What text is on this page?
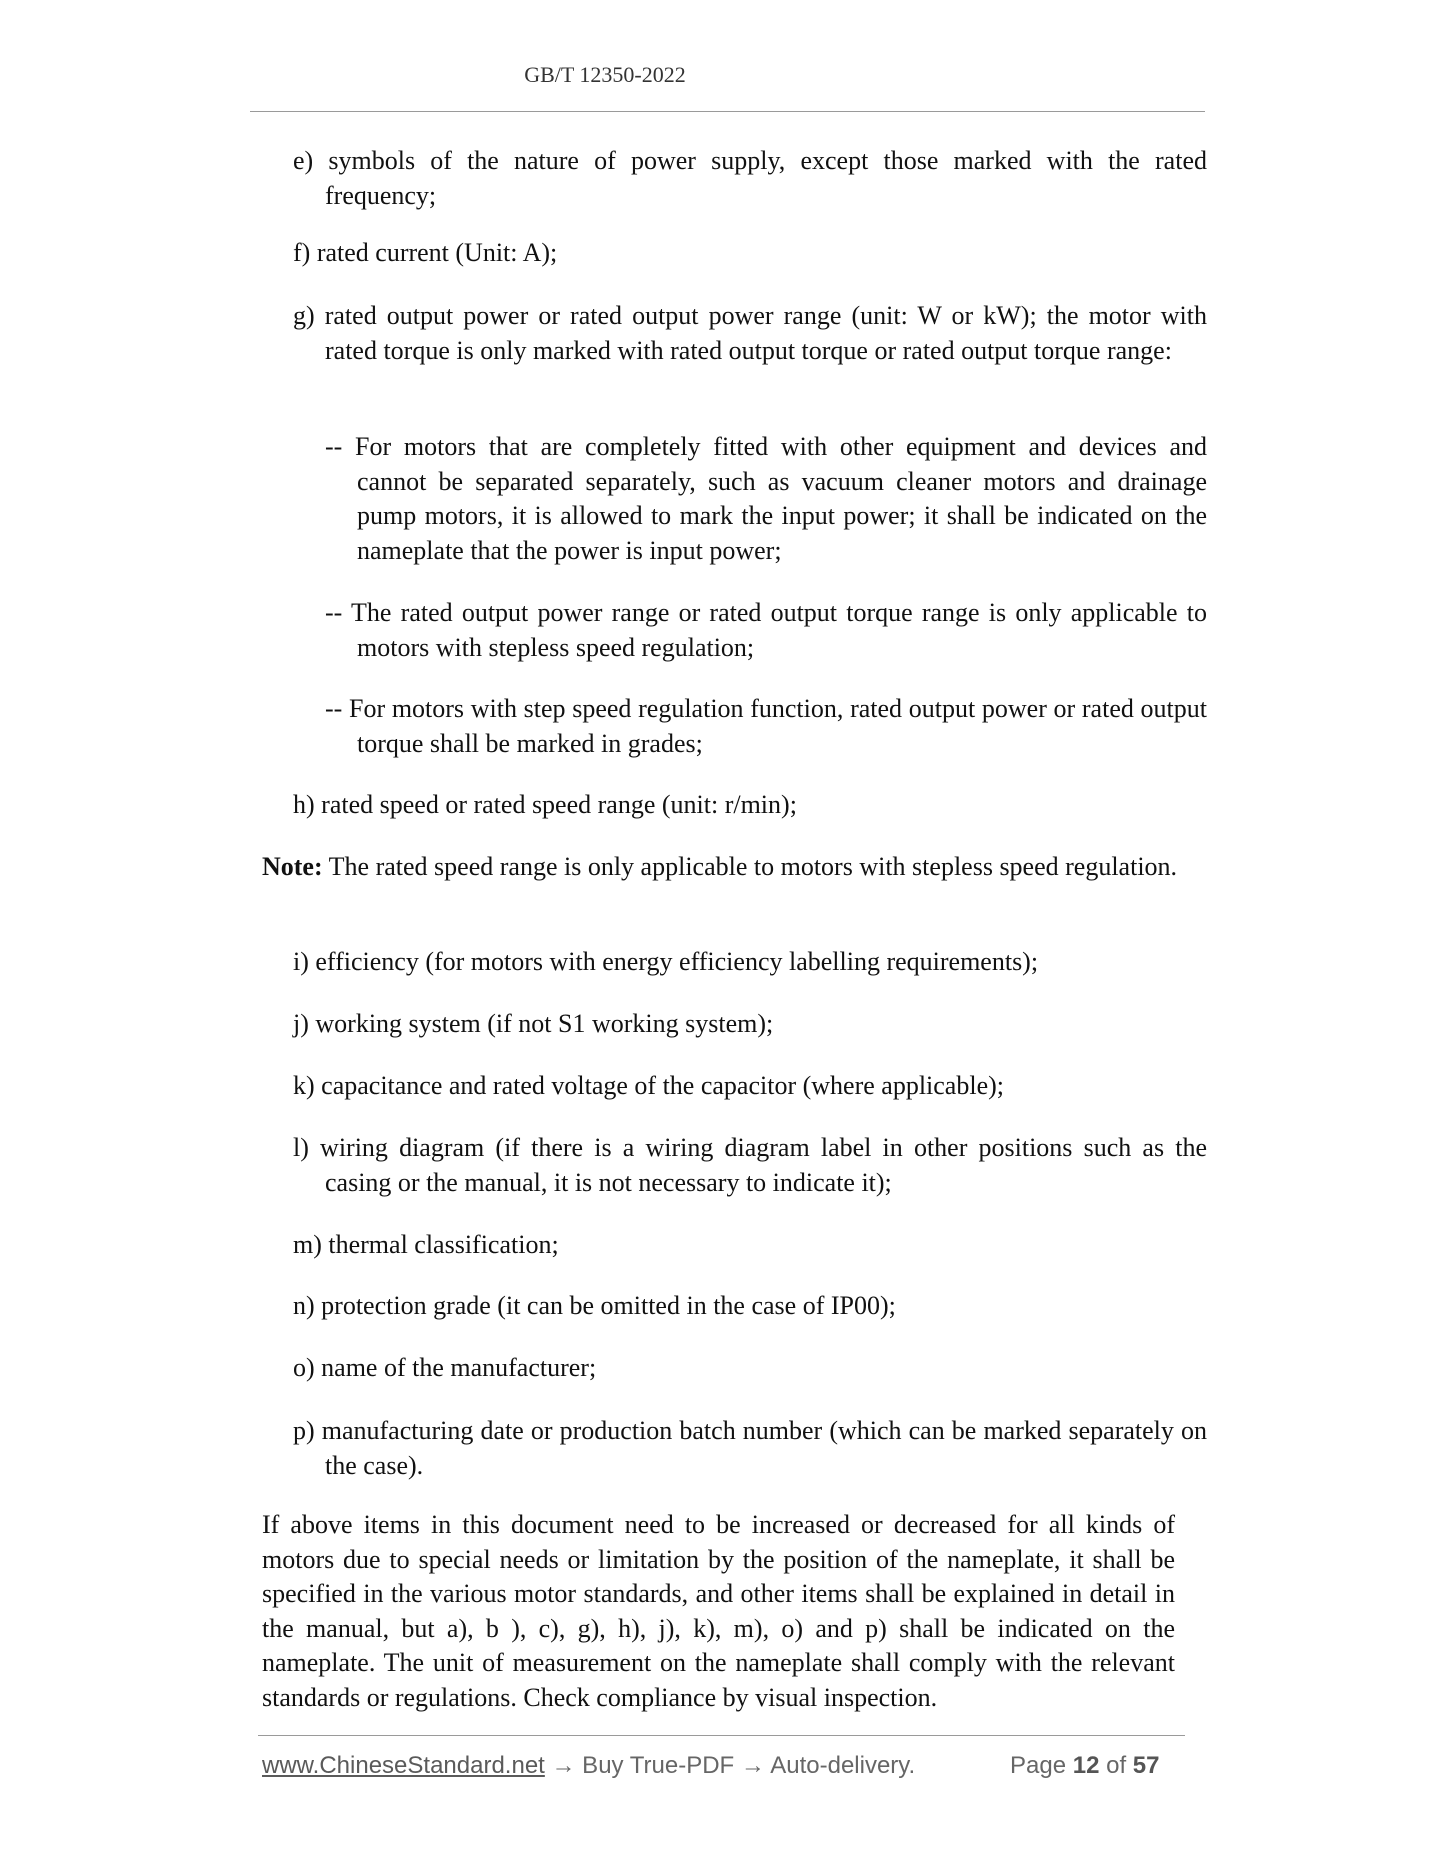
GB/T 12350-2022
e) symbols of the nature of power supply, except those marked with the rated frequency;
f) rated current (Unit: A);
g) rated output power or rated output power range (unit: W or kW); the motor with rated torque is only marked with rated output torque or rated output torque range:
-- For motors that are completely fitted with other equipment and devices and cannot be separated separately, such as vacuum cleaner motors and drainage pump motors, it is allowed to mark the input power; it shall be indicated on the nameplate that the power is input power;
-- The rated output power range or rated output torque range is only applicable to motors with stepless speed regulation;
-- For motors with step speed regulation function, rated output power or rated output torque shall be marked in grades;
h) rated speed or rated speed range (unit: r/min);
Note: The rated speed range is only applicable to motors with stepless speed regulation.
i) efficiency (for motors with energy efficiency labelling requirements);
j) working system (if not S1 working system);
k) capacitance and rated voltage of the capacitor (where applicable);
l) wiring diagram (if there is a wiring diagram label in other positions such as the casing or the manual, it is not necessary to indicate it);
m) thermal classification;
n) protection grade (it can be omitted in the case of IP00);
o) name of the manufacturer;
p) manufacturing date or production batch number (which can be marked separately on the case).
If above items in this document need to be increased or decreased for all kinds of motors due to special needs or limitation by the position of the nameplate, it shall be specified in the various motor standards, and other items shall be explained in detail in the manual, but a), b ), c), g), h), j), k), m), o) and p) shall be indicated on the nameplate. The unit of measurement on the nameplate shall comply with the relevant standards or regulations. Check compliance by visual inspection.
www.ChineseStandard.net → Buy True-PDF → Auto-delivery.	Page 12 of 57
